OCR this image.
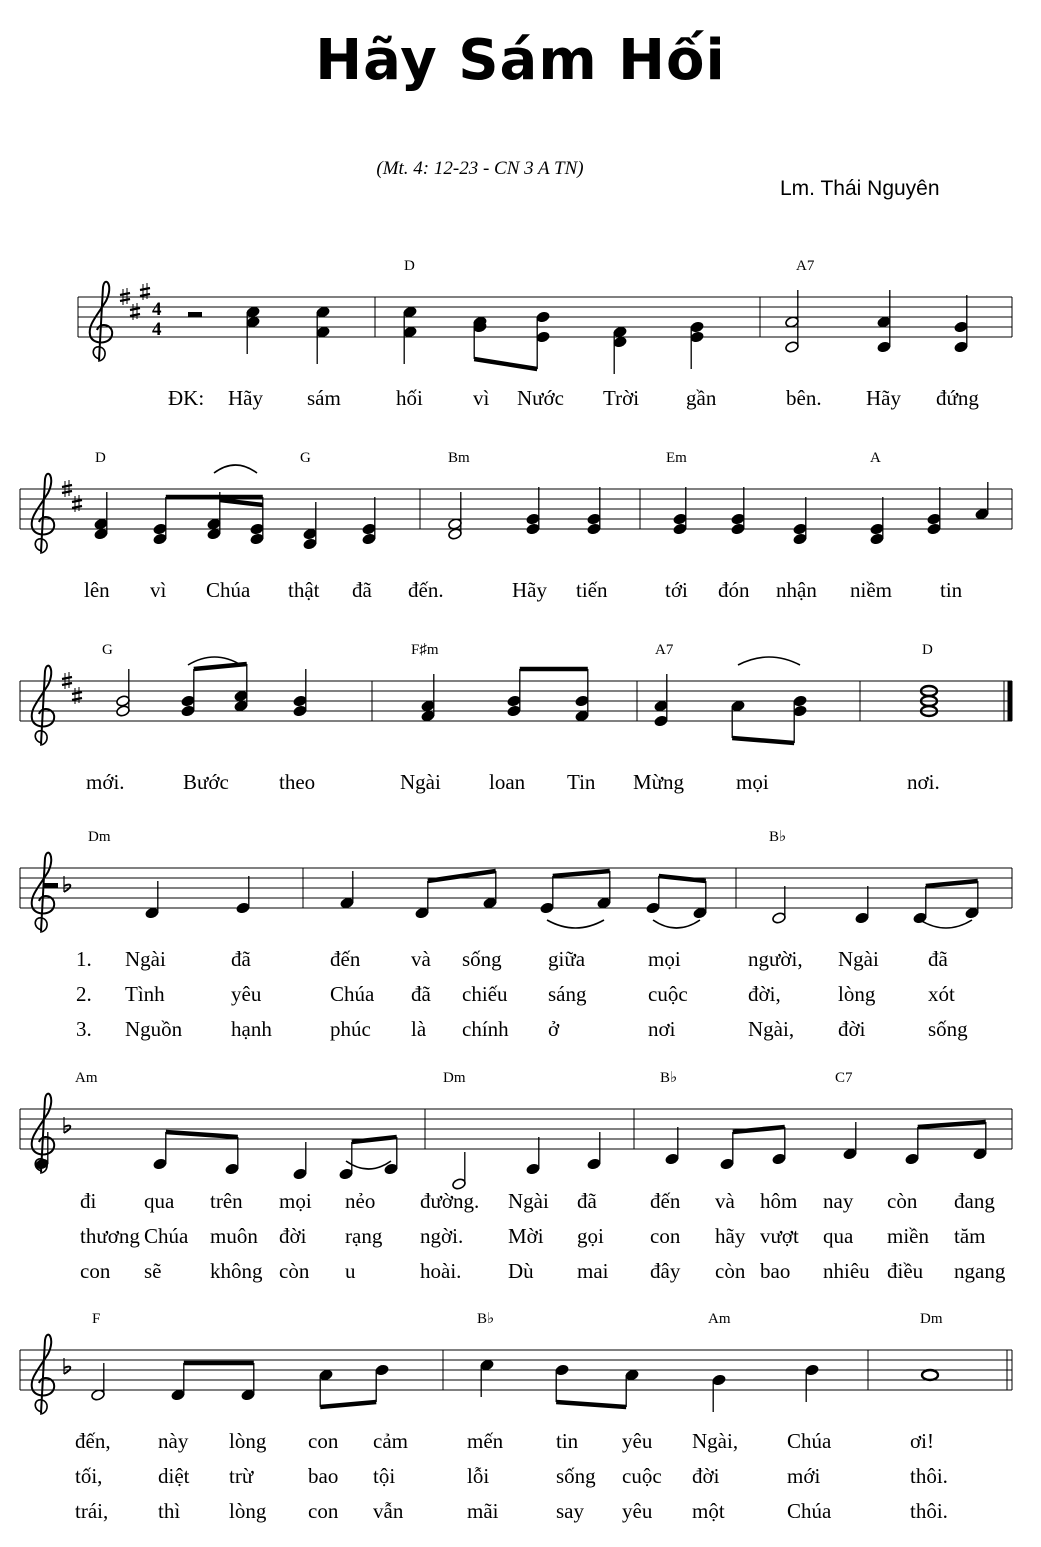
Hãy Sám Hối
(Mt. 4: 12-23 - CN 3 A TN)
Lm. Thái Nguyên
4
4
D	A7
ĐK: Hãy sám	hối vì Nước Trời gần	bên. Hãy đứng
D	G	Bm	Em	A
lên vì Chúa thật đã đến.	Hãy tiến	tới đón nhận niềm tin
G	F♯m	A7	D
mới.	Bước theo	Ngài loan Tin Mừng mọi	nơi.
Dm	B♭
1. Ngài	đã	đến và sống giữa	mọi	người, Ngài đã
2. Tình	yêu	Chúa đã chiếu sáng	cuộc	đời,	lòng	xót
3. Nguồn hạnh	phúc là chính ở	nơi	Ngài, đời	sống
Am	Dm	B♭	C7
đi qua trên mọi nẻo đường. Ngài đã	đến và hôm nay còn đang
thương Chúa muôn đời rạng ngời. Mời gọi con hãy vượt qua miền tăm
con sẽ không còn u	hoài. Dù mai đây còn bao nhiêu điều ngang
F	B♭	Am	Dm
đến, này lòng con cảm	mến	tin yêu Ngài, Chúa	ơi!
tối,	diệt trừ	bao tội	lỗi	sống cuộc đời	mới	thôi.
trái, thì lòng con vẫn	mãi	say yêu một	Chúa	thôi.
